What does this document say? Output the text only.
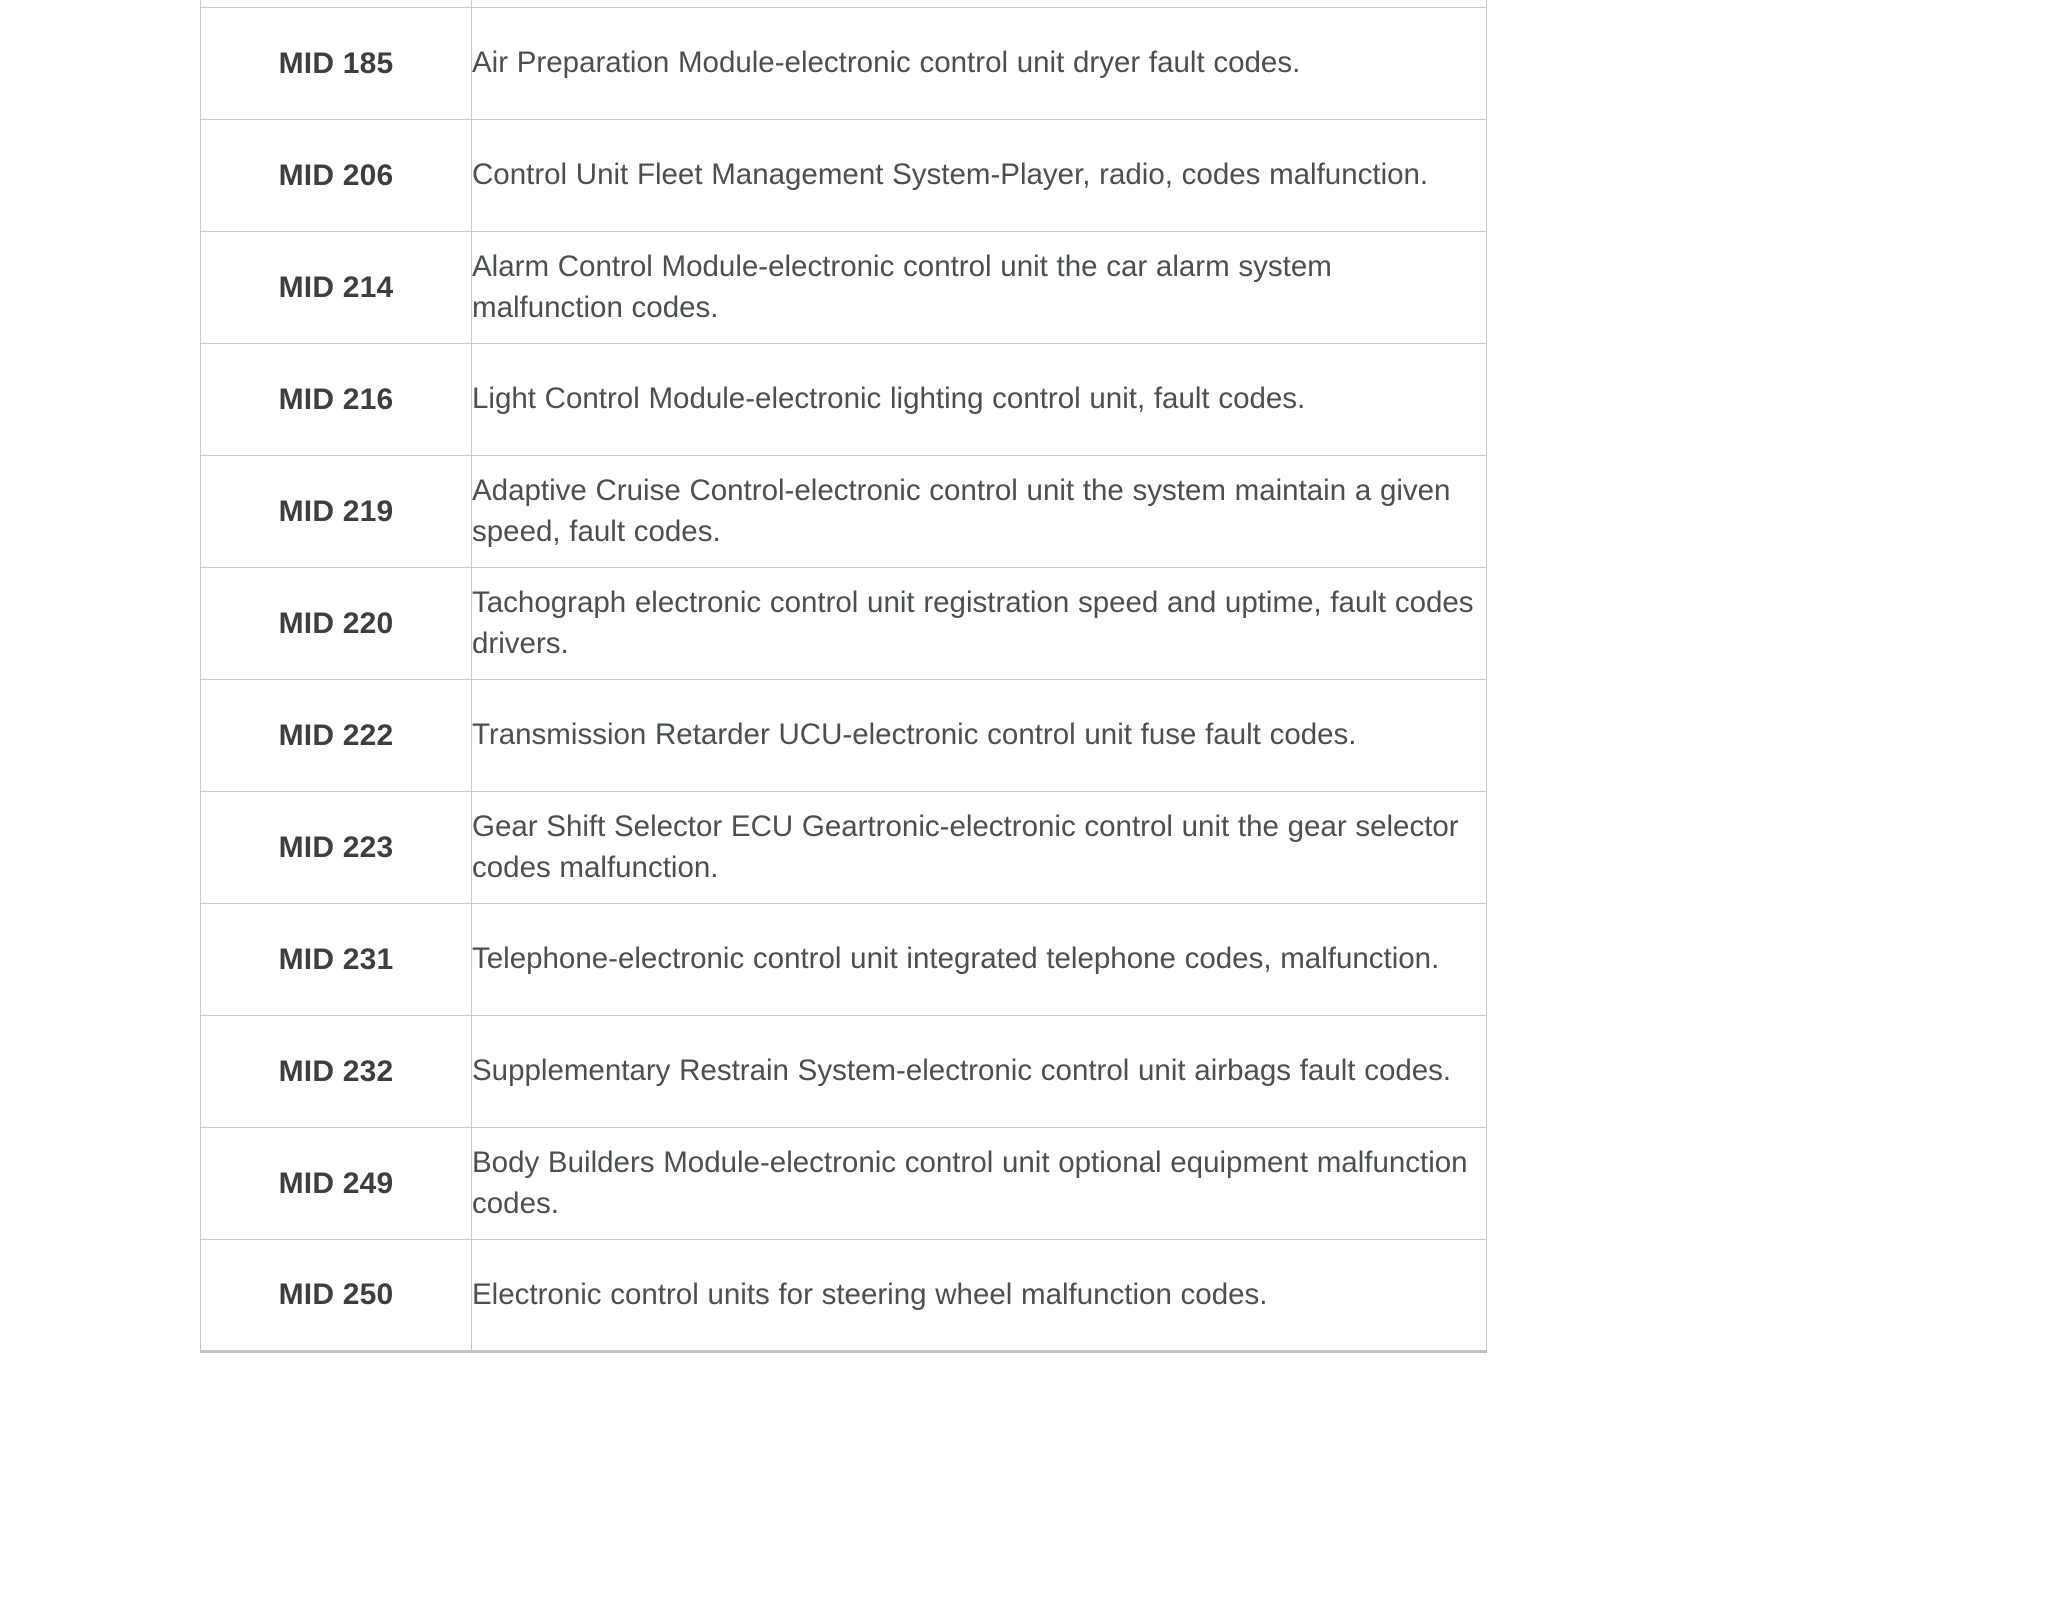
MID 185	Air Preparation Module-electronic control unit dryer fault codes.

MID 206	Control Unit Fleet Management System-Player, radio, codes malfunction.

MID 214	Alarm Control Module-electronic control unit the car alarm system malfunction codes.

MID 216	Light Control Module-electronic lighting control unit, fault codes.

MID 219	Adaptive Cruise Control-electronic control unit the system maintain a given speed, fault codes.

MID 220	Tachograph electronic control unit registration speed and uptime, fault codes drivers.

MID 222	Transmission Retarder UCU-electronic control unit fuse fault codes.

MID 223	Gear Shift Selector ECU Geartronic-electronic control unit the gear selector codes malfunction.

MID 231	Telephone-electronic control unit integrated telephone codes, malfunction.

MID 232	Supplementary Restrain System-electronic control unit airbags fault codes.

MID 249	Body Builders Module-electronic control unit optional equipment malfunction codes.

MID 250	Electronic control units for steering wheel malfunction codes.
